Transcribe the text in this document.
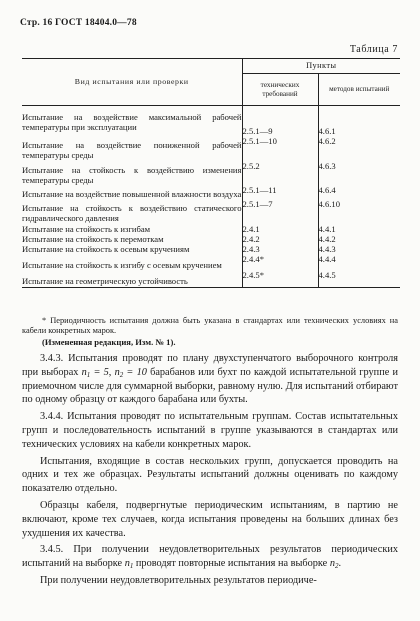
Стр. 16 ГОСТ 18404.0—78
Таблица 7
Вид испытания или проверки	Пункты	
	технических требований	методов испытаний

Испытание на воздействие максимальной рабочей температуры при эксплуатации	2.5.1—9	4.6.1
Испытание на воздействие пониженной рабочей температуры среды	2.5.1—10	4.6.2
Испытание на стойкость к воздействию изменения температуры среды	2.5.2	4.6.3
Испытание на воздействие повышенной влажности воздуха	2.5.1—11	4.6.4
Испытание на стойкость к воздействию статического гидравлического давления	2.5.1—7	4.6.10
Испытание на стойкость к изгибам	2.4.1	4.4.1
Испытание на стойкость к перемоткам	2.4.2	4.4.2
Испытание на стойкость к осевым кручениям	2.4.3	4.4.3
Испытание на стойкость к изгибу с осевым кручением	2.4.4*	4.4.4
Испытание на геометрическую устойчивость	2.4.5*	4.4.5
* Периодичность испытания должна быть указана в стандартах или технических условиях на кабели конкретных марок.
(Измененная редакция, Изм. № 1).

3.4.3. Испытания проводят по плану двухступенчатого выборочного контроля при выборах $n_1 = 5$, $n_2 = 10$ барабанов или бухт по каждой испытательной группе и приемочном числе для суммарной выборки, равному нулю. Для испытаний отбирают по одному образцу от каждого барабана или бухты.

3.4.4. Испытания проводят по испытательным группам. Состав испытательных групп и последовательность испытаний в группе указываются в стандартах или технических условиях на кабели конкретных марок.

Испытания, входящие в состав нескольких групп, допускается проводить на одних и тех же образцах. Результаты испытаний должны оценивать по каждому показателю отдельно.

Образцы кабеля, подвергнутые периодическим испытаниям, в партию не включают, кроме тех случаев, когда испытания проведены на больших длинах без ухудшения их качества.

3.4.5. При получении неудовлетворительных результатов периодических испытаний на выборке $n_1$ проводят повторные испытания на выборке $n_2$.

При получении неудовлетворительных результатов периодиче-
